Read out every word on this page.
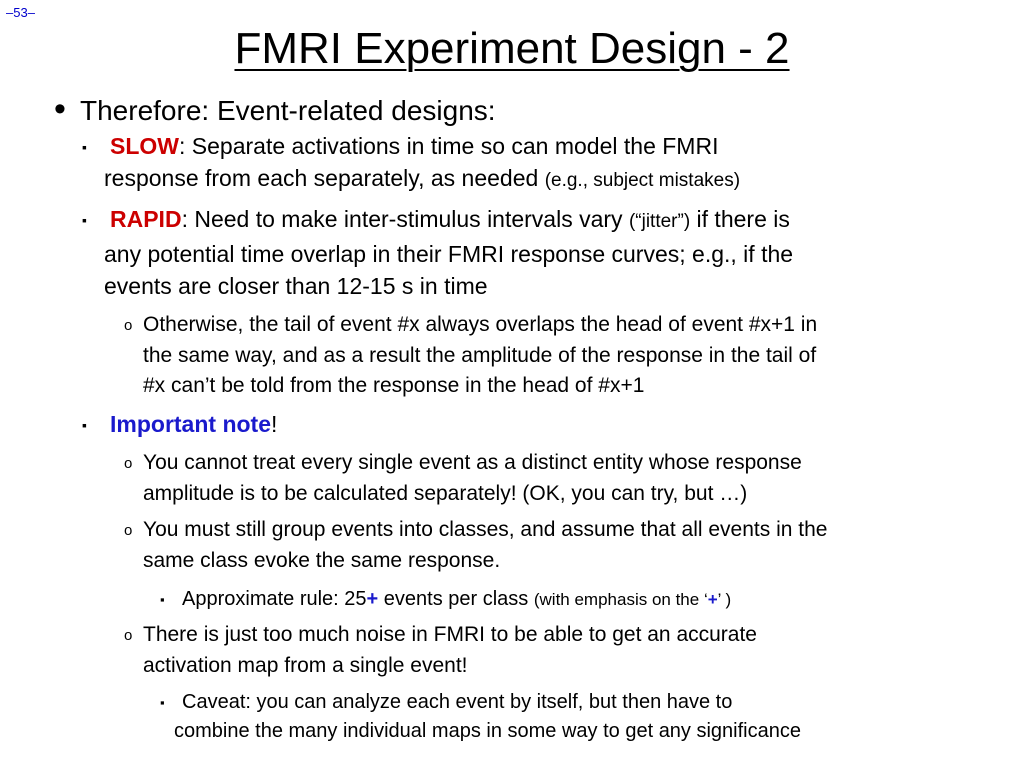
–53–
FMRI Experiment Design - 2
• Therefore: Event-related designs:
▪ SLOW: Separate activations in time so can model the FMRI
response from each separately, as needed (e.g., subject mistakes)
▪ RAPID: Need to make inter-stimulus intervals vary (“jitter”) if there is
any potential time overlap in their FMRI response curves; e.g., if the
events are closer than 12-15 s in time
o Otherwise, the tail of event #x always overlaps the head of event #x+1 in
the same way, and as a result the amplitude of the response in the tail of
#x can’t be told from the response in the head of #x+1
▪ Important note!
o You cannot treat every single event as a distinct entity whose response
amplitude is to be calculated separately! (OK, you can try, but …)
o You must still group events into classes, and assume that all events in the
same class evoke the same response.
▪ Approximate rule: 25+ events per class (with emphasis on the ‘+’ )
o There is just too much noise in FMRI to be able to get an accurate
activation map from a single event!
▪ Caveat: you can analyze each event by itself, but then have to
combine the many individual maps in some way to get any significance
